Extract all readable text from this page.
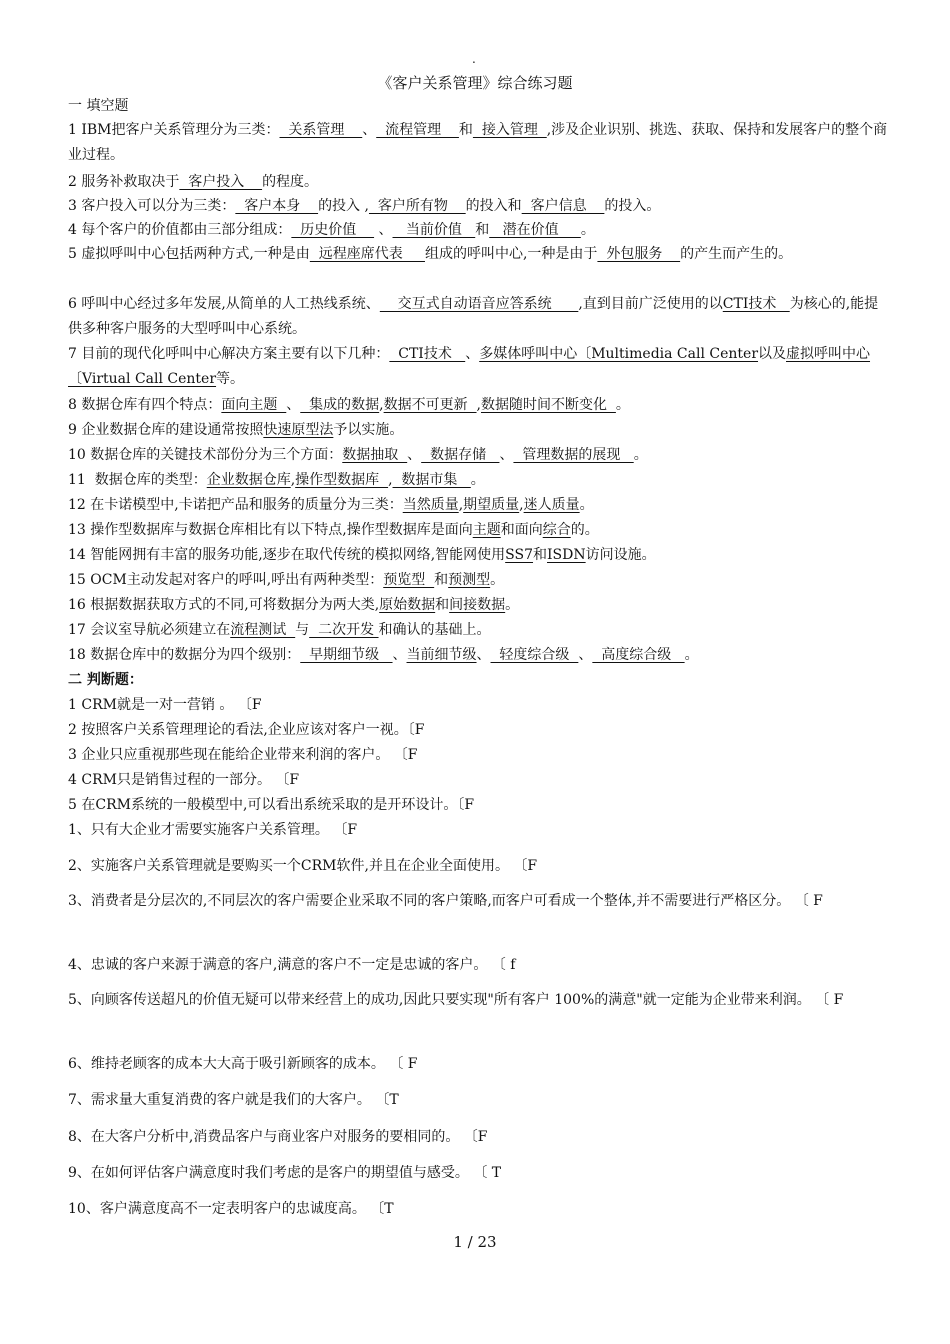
.
《客户关系管理》综合练习题
一 填空题
1 IBM把客户关系管理分为三类：  关系管理    、  流程管理    和  接入管理  ,涉及企业识别、挑选、获取、保持和发展客户的整个商业过程。
2 服务补救取决于  客户投入    的程度。
3 客户投入可以分为三类：  客户本身    的投入 ,  客户所有物    的投入和  客户信息    的投入。
4 每个客户的价值都由三部分组成：  历史价值     、   当前价值   和   潜在价值     。
5 虚拟呼叫中心包括两种方式,一种是由  远程座席代表     组成的呼叫中心,一种是由于  外包服务    的产生而产生的。
6 呼叫中心经过多年发展,从简单的人工热线系统、    交互式自动语音应答系统      ,直到目前广泛使用的以CTI技术   为核心的,能提供多种客户服务的大型呼叫中心系统。
7 目前的现代化呼叫中心解决方案主要有以下几种：  CTI技术   、多媒体呼叫中心〔Multimedia Call Center以及虚拟呼叫中心〔Virtual Call Center等。
8 数据仓库有四个特点：面向主题  、  集成的数据,数据不可更新  ,数据随时间不断变化  。
9 企业数据仓库的建设通常按照快速原型法予以实施。
10 数据仓库的关键技术部份分为三个方面：数据抽取  、  数据存储   、  管理数据的展现   。
11  数据仓库的类型：企业数据仓库,操作型数据库  ,  数据市集   。
12 在卡诺模型中,卡诺把产品和服务的质量分为三类：当然质量,期望质量,迷人质量。
13 操作型数据库与数据仓库相比有以下特点,操作型数据库是面向主题和面向综合的。
14 智能网拥有丰富的服务功能,逐步在取代传统的模拟网络,智能网使用SS7和ISDN访问设施。
15 OCM主动发起对客户的呼叫,呼出有两种类型：预览型  和预测型。
16 根据数据获取方式的不同,可将数据分为两大类,原始数据和间接数据。
17 会议室导航必须建立在流程测试  与  二次开发 和确认的基础上。
18 数据仓库中的数据分为四个级别：  早期细节级   、当前细节级、  轻度综合级  、  高度综合级   。
二 判断题：
1 CRM就是一对一营销 。 〔F
2 按照客户关系管理理论的看法,企业应该对客户一视。〔F
3 企业只应重视那些现在能给企业带来利润的客户。 〔F
4 CRM只是销售过程的一部分。 〔F
5 在CRM系统的一般模型中,可以看出系统采取的是开环设计。〔F
1、只有大企业才需要实施客户关系管理。 〔F
2、实施客户关系管理就是要购买一个CRM软件,并且在企业全面使用。 〔F
3、消费者是分层次的,不同层次的客户需要企业采取不同的客户策略,而客户可看成一个整体,并不需要进行严格区分。 〔 F
4、忠诚的客户来源于满意的客户,满意的客户不一定是忠诚的客户。 〔 f
5、向顾客传送超凡的价值无疑可以带来经营上的成功,因此只要实现"所有客户 100%的满意"就一定能为企业带来利润。 〔 F
6、维持老顾客的成本大大高于吸引新顾客的成本。 〔 F
7、需求量大重复消费的客户就是我们的大客户。 〔T
8、在大客户分析中,消费品客户与商业客户对服务的要相同的。 〔F
9、在如何评估客户满意度时我们考虑的是客户的期望值与感受。 〔 T
10、客户满意度高不一定表明客户的忠诚度高。 〔T
1 / 23
